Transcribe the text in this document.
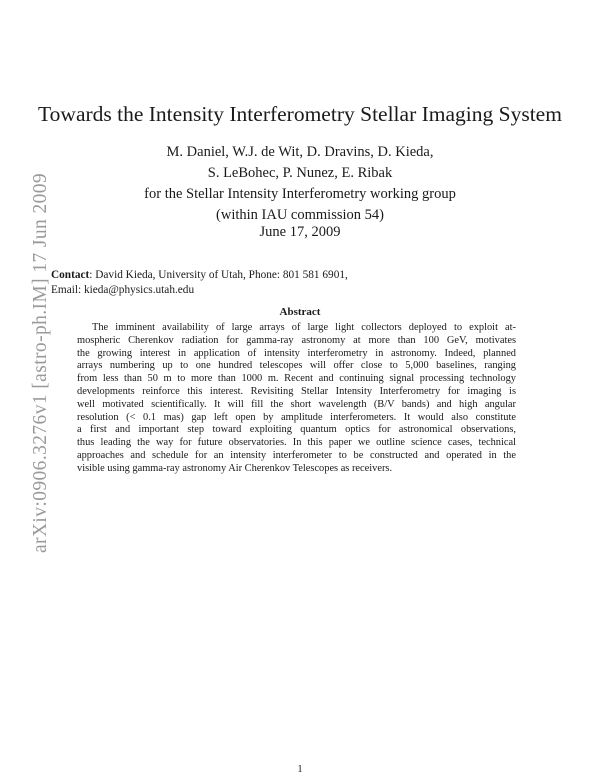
arXiv:0906.3276v1 [astro-ph.IM] 17 Jun 2009
Towards the Intensity Interferometry Stellar Imaging System
M. Daniel, W.J. de Wit, D. Dravins, D. Kieda,
S. LeBohec, P. Nunez, E. Ribak
for the Stellar Intensity Interferometry working group
(within IAU commission 54)
June 17, 2009
Contact: David Kieda, University of Utah, Phone: 801 581 6901,
Email: kieda@physics.utah.edu
Abstract
The imminent availability of large arrays of large light collectors deployed to exploit at-
mospheric Cherenkov radiation for gamma-ray astronomy at more than 100 GeV, motivates
the growing interest in application of intensity interferometry in astronomy. Indeed, planned
arrays numbering up to one hundred telescopes will offer close to 5,000 baselines, ranging
from less than 50 m to more than 1000 m. Recent and continuing signal processing technology
developments reinforce this interest. Revisiting Stellar Intensity Interferometry for imaging is
well motivated scientifically. It will fill the short wavelength (B/V bands) and high angular
resolution (< 0.1 mas) gap left open by amplitude interferometers. It would also constitute
a first and important step toward exploiting quantum optics for astronomical observations,
thus leading the way for future observatories. In this paper we outline science cases, technical
approaches and schedule for an intensity interferometer to be constructed and operated in the
visible using gamma-ray astronomy Air Cherenkov Telescopes as receivers.
1
